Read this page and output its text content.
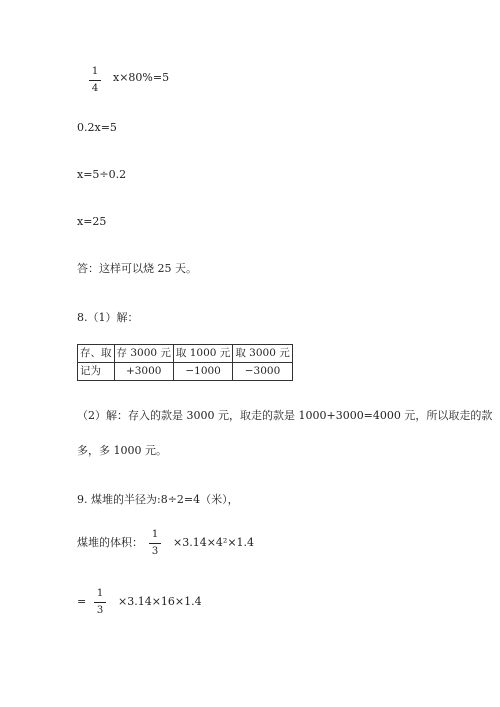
1
4
x×80%=5
0.2x=5
x=5÷0.2
x=25
答：这样可以烧 25 天。
8.（1）解：
存、取	存 3000 元	取 1000 元	取 3000 元
记为	+3000	−1000	−3000
（2）解：存入的款是 3000 元，取走的款是 1000+3000=4000 元，所以取走的款
多，多 1000 元。
9. 煤堆的半径为:8÷2=4（米），
煤堆的体积：
1
3
×3.14×4²×1.4
=
1
3
×3.14×16×1.4
